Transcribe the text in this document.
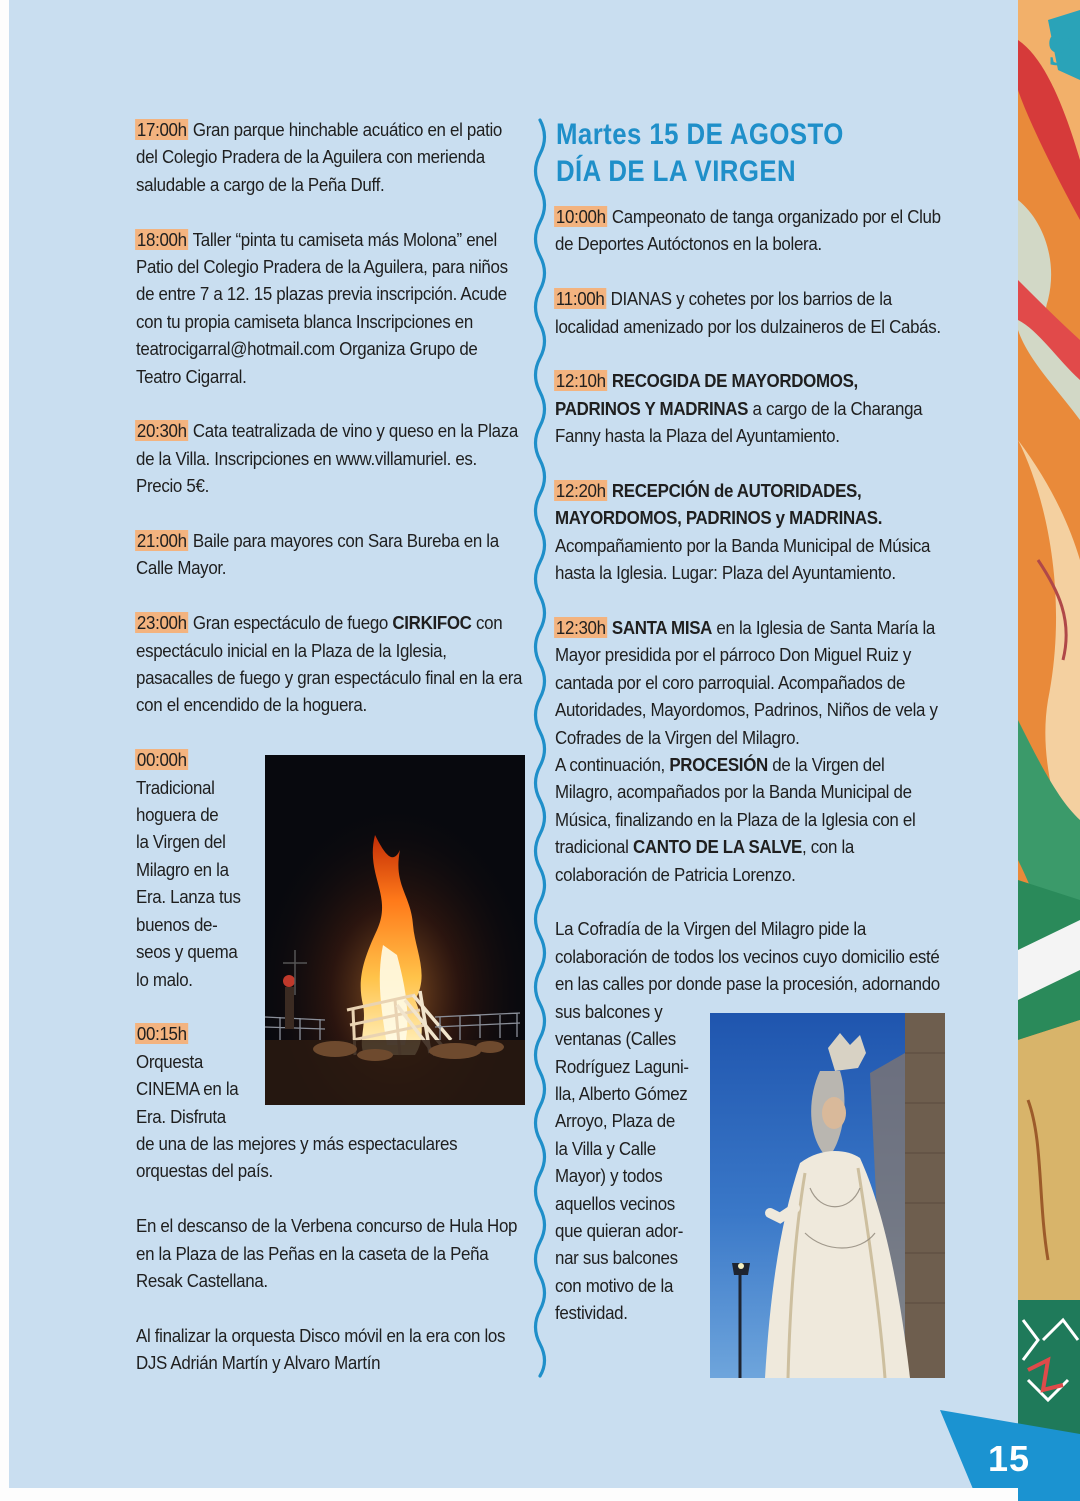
17:00h Gran parque hinchable acuático en el patio del Colegio Pradera de la Aguilera con merienda saludable a cargo de la Peña Duff.

18:00h Taller “pinta tu camiseta más Molona” enel Patio del Colegio Pradera de la Aguilera, para niños de entre 7 a 12. 15 plazas previa inscripción. Acude con tu propia camiseta blanca Inscripciones en teatrocigarral@hotmail.com Organiza Grupo de Teatro Cigarral.

20:30h Cata teatralizada de vino y queso en la Plaza de la Villa. Inscripciones en www.villamuriel. es. Precio 5€.

21:00h Baile para mayores con Sara Bureba en la Calle Mayor.

23:00h Gran espectáculo de fuego CIRKIFOC con espectáculo inicial en la Plaza de la Iglesia, pasacalles de fuego y gran espectáculo final en la era con el encendido de la hoguera.

00:00h
Tradicional
hoguera de
la Virgen del
Milagro en la
Era. Lanza tus
buenos de-
seos y quema
lo malo.

00:15h
Orquesta
CINEMA en la
Era. Disfruta
de una de las mejores y más espectaculares orquestas del país.

En el descanso de la Verbena concurso de Hula Hop en la Plaza de las Peñas en la caseta de la Peña Resak Castellana.

Al finalizar la orquesta Disco móvil en la era con los DJS Adrián Martín y Alvaro Martín

Martes 15 DE AGOSTO
DÍA DE LA VIRGEN

10:00h Campeonato de tanga organizado por el Club de Deportes Autóctonos en la bolera.

11:00h DIANAS y cohetes por los barrios de la localidad amenizado por los dulzaineros de El Cabás.

12:10h RECOGIDA DE MAYORDOMOS, PADRINOS Y MADRINAS a cargo de la Charanga Fanny hasta la Plaza del Ayuntamiento.

12:20h RECEPCIÓN de AUTORIDADES, MAYORDOMOS, PADRINOS y MADRINAS. Acompañamiento por la Banda Municipal de Música hasta la Iglesia. Lugar: Plaza del Ayuntamiento.

12:30h SANTA MISA en la Iglesia de Santa María la Mayor presidida por el párroco Don Miguel Ruiz y cantada por el coro parroquial. Acompañados de Autoridades, Mayordomos, Padrinos, Niños de vela y Cofrades de la Virgen del Milagro.
A continuación, PROCESIÓN de la Virgen del Milagro, acompañados por la Banda Municipal de Música, finalizando en la Plaza de la Iglesia con el tradicional CANTO DE LA SALVE, con la colaboración de Patricia Lorenzo.

La Cofradía de la Virgen del Milagro pide la colaboración de todos los vecinos cuyo domicilio esté en las calles por donde pase la procesión, adornando
sus balcones y
ventanas (Calles
Rodríguez Laguni-
lla, Alberto Gómez
Arroyo, Plaza de
la Villa y Calle
Mayor) y todos
aquellos vecinos
que quieran ador-
nar sus balcones
con motivo de la
festividad.

9
15
